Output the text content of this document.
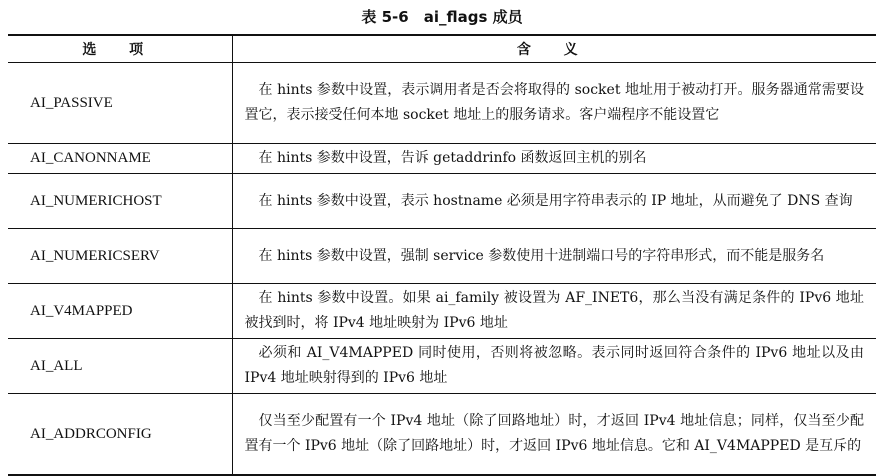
表 5-6　ai_flags 成员
选 项	含 义
AI_PASSIVE	在 hints 参数中设置，表示调用者是否会将取得的 socket 地址用于被动打开。服务器通常需要设置它，表示接受任何本地 socket 地址上的服务请求。客户端程序不能设置它
AI_CANONNAME	在 hints 参数中设置，告诉 getaddrinfo 函数返回主机的别名
AI_NUMERICHOST	在 hints 参数中设置，表示 hostname 必须是用字符串表示的 IP 地址，从而避免了 DNS 查询
AI_NUMERICSERV	在 hints 参数中设置，强制 service 参数使用十进制端口号的字符串形式，而不能是服务名
AI_V4MAPPED	在 hints 参数中设置。如果 ai_family 被设置为 AF_INET6，那么当没有满足条件的 IPv6 地址被找到时，将 IPv4 地址映射为 IPv6 地址
AI_ALL	必须和 AI_V4MAPPED 同时使用，否则将被忽略。表示同时返回符合条件的 IPv6 地址以及由 IPv4 地址映射得到的 IPv6 地址
AI_ADDRCONFIG	仅当至少配置有一个 IPv4 地址（除了回路地址）时，才返回 IPv4 地址信息；同样，仅当至少配置有一个 IPv6 地址（除了回路地址）时，才返回 IPv6 地址信息。它和 AI_V4MAPPED 是互斥的
